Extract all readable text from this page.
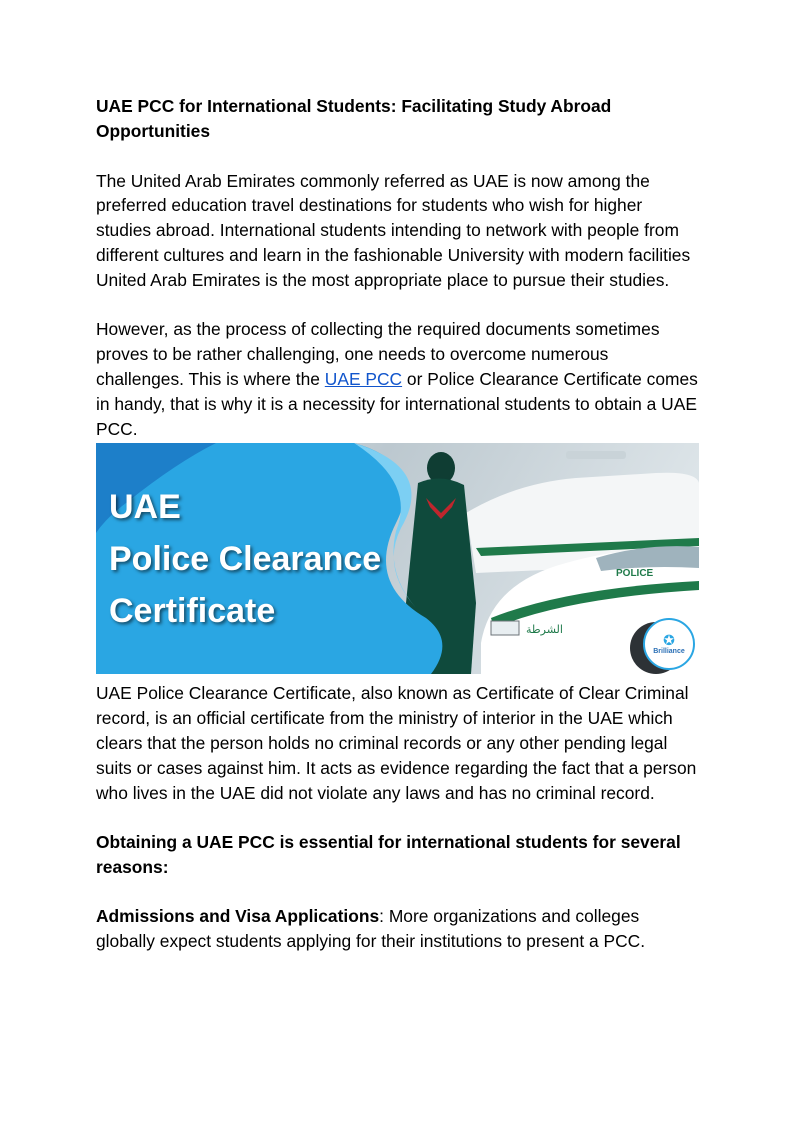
UAE PCC for International Students: Facilitating Study Abroad Opportunities

The United Arab Emirates commonly referred as UAE is now among the preferred education travel destinations for students who wish for higher studies abroad. International students intending to network with people from different cultures and learn in the fashionable University with modern facilities United Arab Emirates is the most appropriate place to pursue their studies.

However, as the process of collecting the required documents sometimes proves to be rather challenging, one needs to overcome numerous challenges. This is where the UAE PCC or Police Clearance Certificate comes in handy, that is why it is a necessity for international students to obtain a UAE PCC.

POLICE
الشرطة
UAE
Police Clearance
Certificate
✪
Brilliance

UAE Police Clearance Certificate, also known as Certificate of Clear Criminal record, is an official certificate from the ministry of interior in the UAE which clears that the person holds no criminal records or any other pending legal suits or cases against him. It acts as evidence regarding the fact that a person who lives in the UAE did not violate any laws and has no criminal record.

Obtaining a UAE PCC is essential for international students for several reasons:

Admissions and Visa Applications: More organizations and colleges globally expect students applying for their institutions to present a PCC.
